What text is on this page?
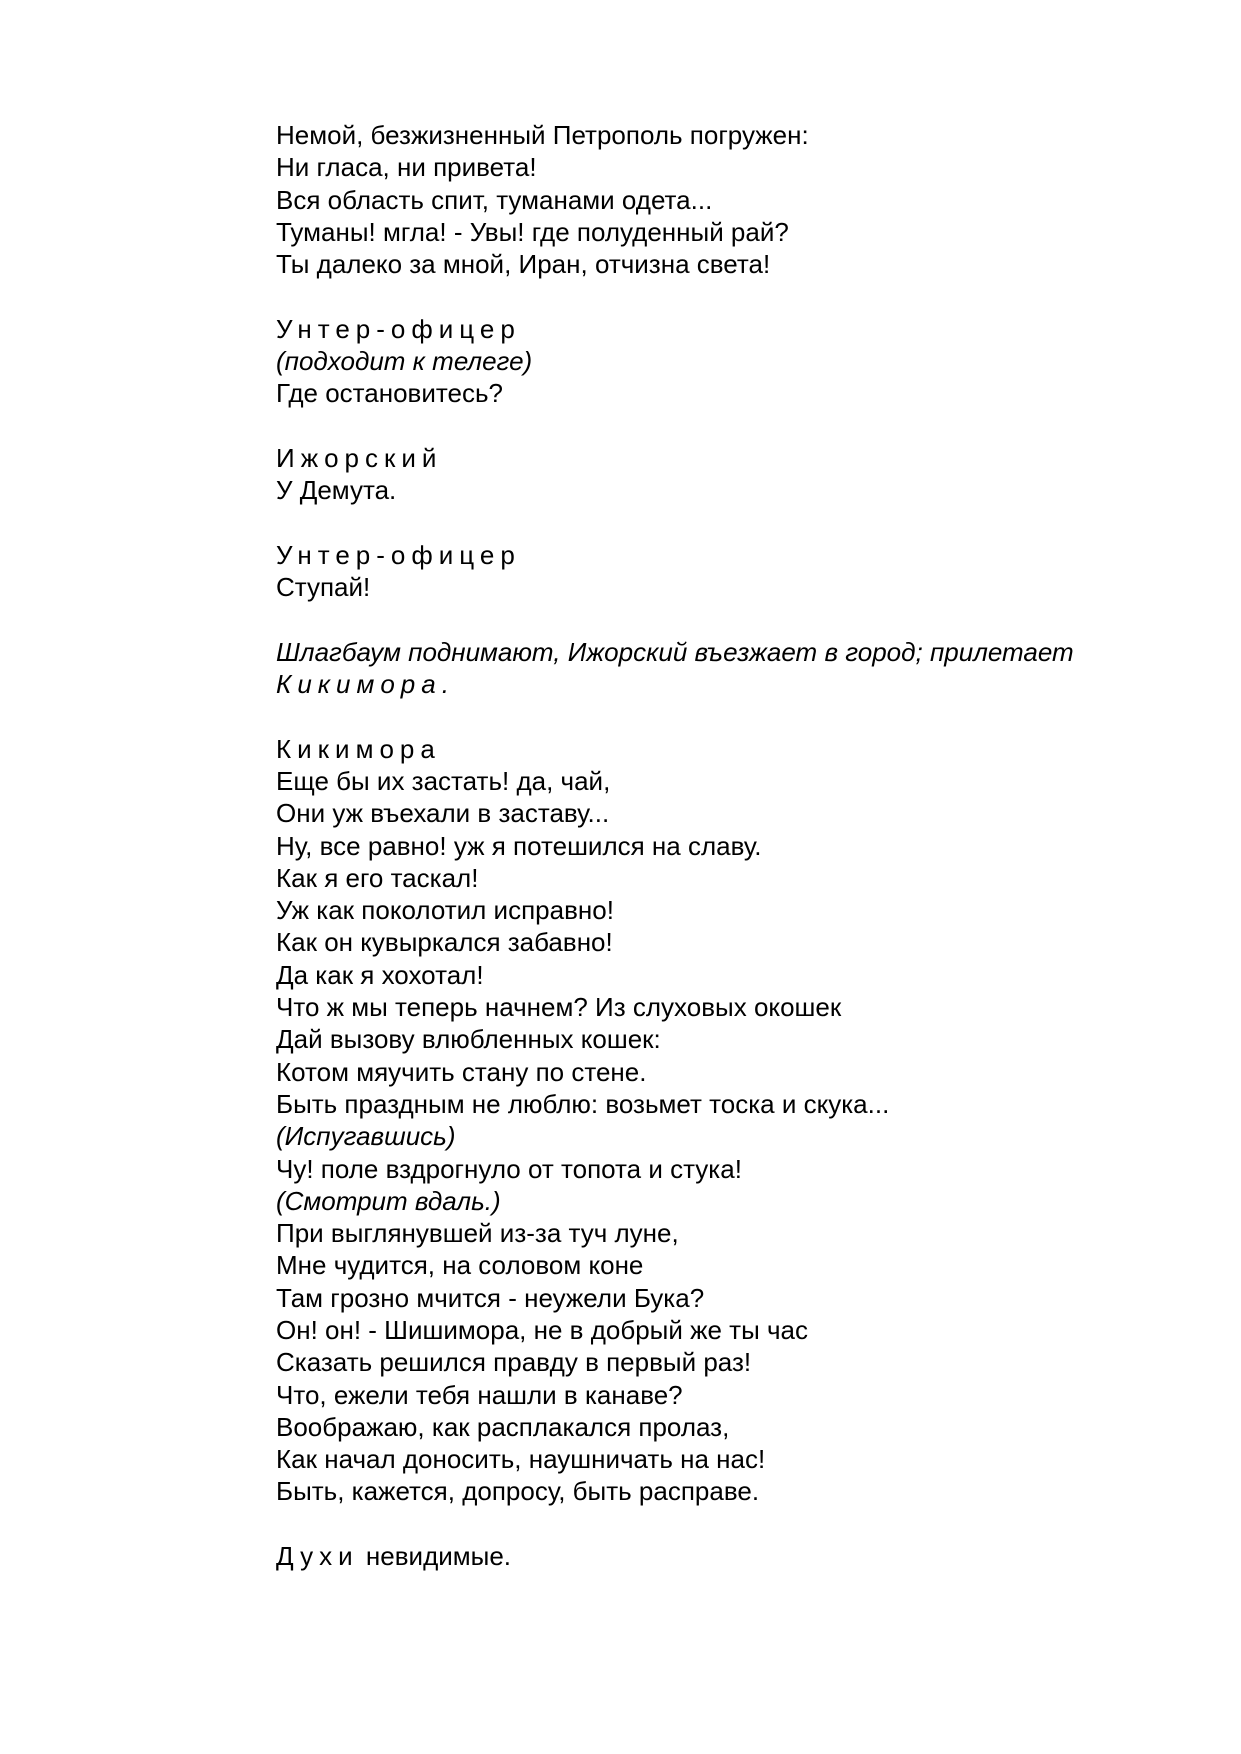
Немой, безжизненный Петрополь погружен:
Ни гласа, ни привета!
Вся область спит, туманами одета...
Туманы! мгла! - Увы! где полуденный рай?
Ты далеко за мной, Иран, отчизна света!
Унтер-офицер
(подходит к телеге)
Где остановитесь?
Ижорский
У Демута.
Унтер-офицер
Ступай!
Шлагбаум поднимают, Ижорский въезжает в город; прилетает
Кикимора.
Кикимора
Еще бы их застать! да, чай,
Они уж въехали в заставу...
Ну, все равно! уж я потешился на славу.
Как я его таскал!
Уж как поколотил исправно!
Как он кувыркался забавно!
Да как я хохотал!
Что ж мы теперь начнем? Из слуховых окошек
Дай вызову влюбленных кошек:
Котом мяучить стану по стене.
Быть праздным не люблю: возьмет тоска и скука...
(Испугавшись)
Чу! поле вздрогнуло от топота и стука!
(Смотрит вдаль.)
При выглянувшей из-за туч луне,
Мне чудится, на соловом коне
Там грозно мчится - неужели Бука?
Он! он! - Шишимора, не в добрый же ты час
Сказать решился правду в первый раз!
Что, ежели тебя нашли в канаве?
Воображаю, как расплакался пролаз,
Как начал доносить, наушничать на нас!
Быть, кажется, допросу, быть расправе.
Духи невидимые.
